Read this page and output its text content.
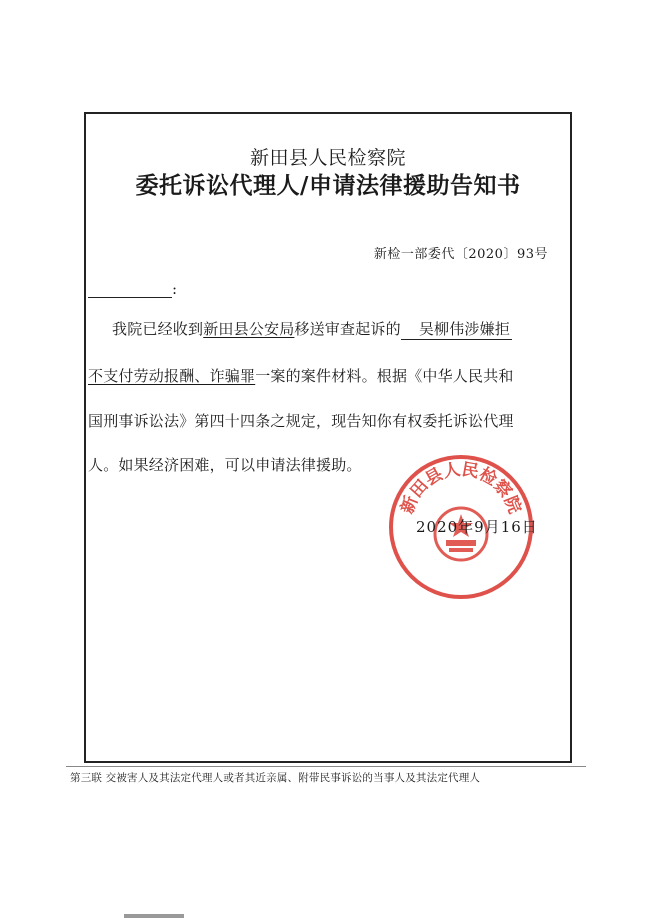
新田县人民检察院
委托诉讼代理人/申请法律援助告知书
新检一部委代〔2020〕93号
:
我院已经收到新田县公安局移送审查起诉的 吴柳伟涉嫌拒
不支付劳动报酬、诈骗罪一案的案件材料。根据《中华人民共和
国刑事诉讼法》第四十四条之规定，现告知你有权委托诉讼代理
人。如果经济困难，可以申请法律援助。
新田县人民检察院
2020年9月16日
第三联 交被害人及其法定代理人或者其近亲属、附带民事诉讼的当事人及其法定代理人
